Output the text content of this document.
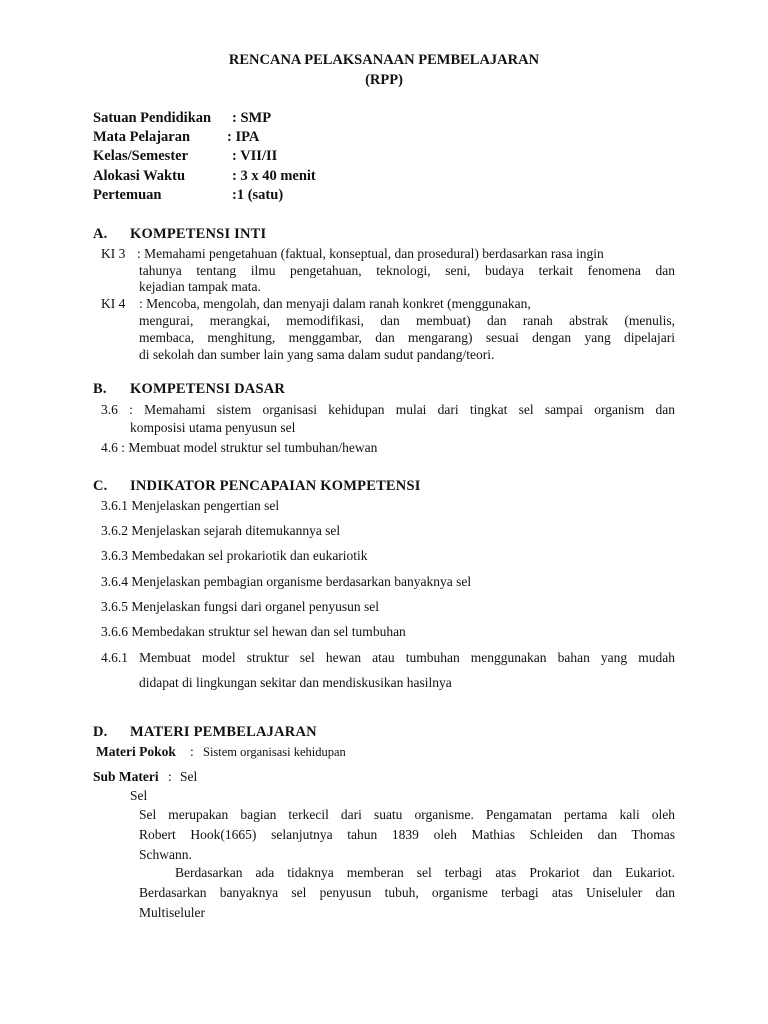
RENCANA PELAKSANAAN PEMBELAJARAN
(RPP)
Satuan Pendidikan : SMP
Mata Pelajaran	: IPA
Kelas/Semester	: VII/II
Alokasi Waktu	: 3 x 40 menit
Pertemuan	:1 (satu)
A. KOMPETENSI INTI
KI 3 : Memahami pengetahuan (faktual, konseptual, dan prosedural) berdasarkan rasa ingin
tahunya tentang ilmu pengetahuan, teknologi, seni, budaya terkait fenomena dan
kejadian tampak mata.
KI 4 : Mencoba, mengolah, dan menyaji dalam ranah konkret (menggunakan,
mengurai, merangkai, memodifikasi, dan membuat) dan ranah abstrak (menulis,
membaca, menghitung, menggambar, dan mengarang) sesuai dengan yang dipelajari
di sekolah dan sumber lain yang sama dalam sudut pandang/teori.
B. KOMPETENSI DASAR
3.6 : Memahami sistem organisasi kehidupan mulai dari tingkat sel sampai organism dan
komposisi utama penyusun sel
4.6 : Membuat model struktur sel tumbuhan/hewan
C. INDIKATOR PENCAPAIAN KOMPETENSI
3.6.1 Menjelaskan pengertian sel
3.6.2 Menjelaskan sejarah ditemukannya sel
3.6.3 Membedakan sel prokariotik dan eukariotik
3.6.4 Menjelaskan pembagian organisme berdasarkan banyaknya sel
3.6.5 Menjelaskan fungsi dari organel penyusun sel
3.6.6 Membedakan struktur sel hewan dan sel tumbuhan
4.6.1 Membuat model struktur sel hewan atau tumbuhan menggunakan bahan yang mudah
didapat di lingkungan sekitar dan mendiskusikan hasilnya
D. MATERI PEMBELAJARAN
Materi Pokok : Sistem organisasi kehidupan
Sub Materi : Sel
Sel
Sel merupakan bagian terkecil dari suatu organisme. Pengamatan pertama kali oleh
Robert Hook(1665) selanjutnya tahun 1839 oleh Mathias Schleiden dan Thomas
Schwann.
Berdasarkan ada tidaknya memberan sel terbagi atas Prokariot dan Eukariot.
Berdasarkan banyaknya sel penyusun tubuh, organisme terbagi atas Uniseluler dan
Multiseluler
